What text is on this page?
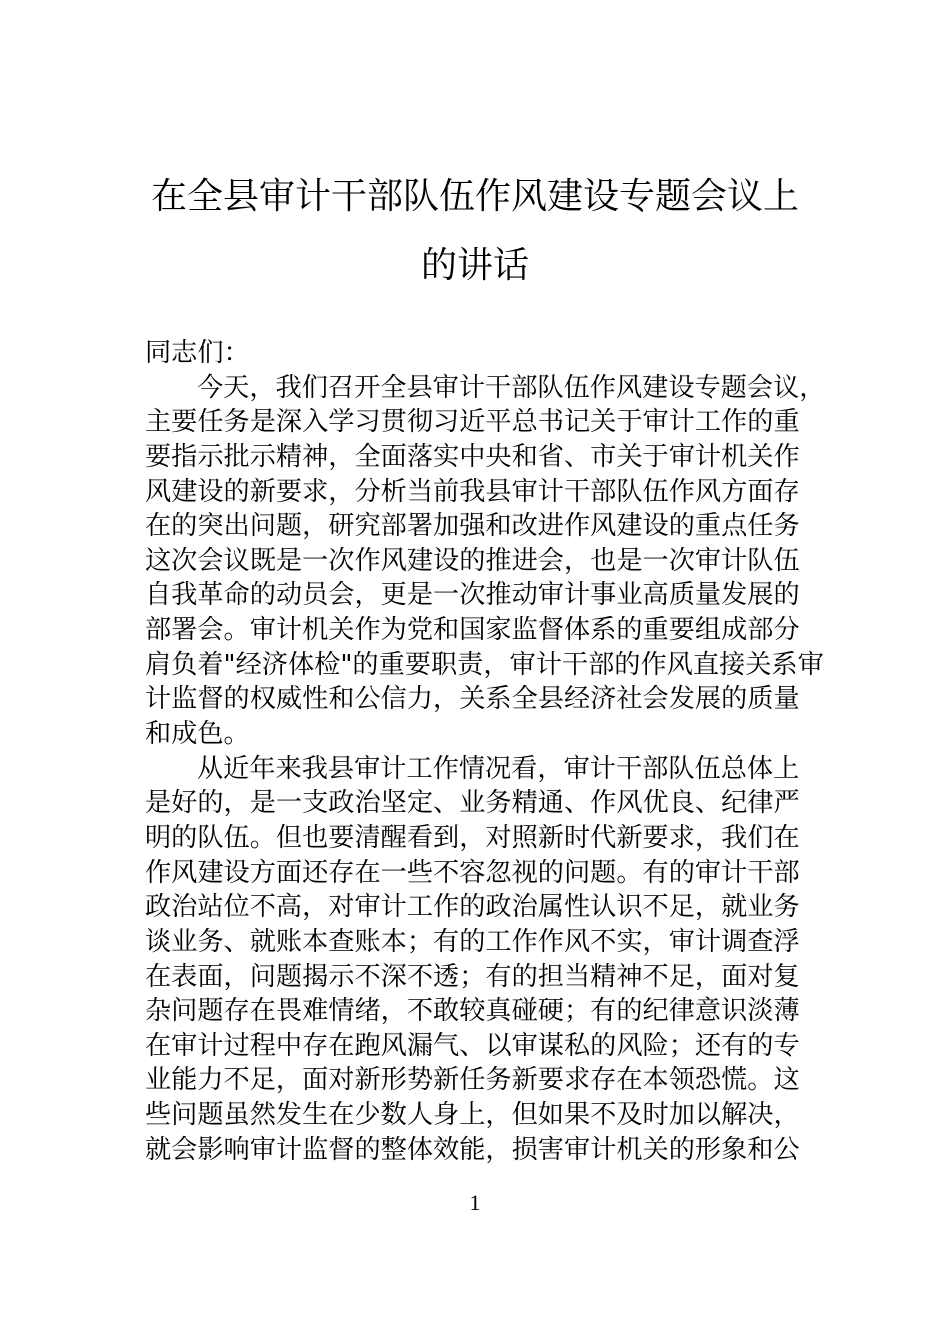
在全县审计干部队伍作风建设专题会议上
的讲话
同志们：
今天，我们召开全县审计干部队伍作风建设专题会议，
主要任务是深入学习贯彻习近平总书记关于审计工作的重
要指示批示精神，全面落实中央和省、市关于审计机关作
风建设的新要求，分析当前我县审计干部队伍作风方面存
在的突出问题，研究部署加强和改进作风建设的重点任务
这次会议既是一次作风建设的推进会，也是一次审计队伍
自我革命的动员会，更是一次推动审计事业高质量发展的
部署会。审计机关作为党和国家监督体系的重要组成部分
肩负着"经济体检"的重要职责，审计干部的作风直接关系审
计监督的权威性和公信力，关系全县经济社会发展的质量
和成色。
从近年来我县审计工作情况看，审计干部队伍总体上
是好的，是一支政治坚定、业务精通、作风优良、纪律严
明的队伍。但也要清醒看到，对照新时代新要求，我们在
作风建设方面还存在一些不容忽视的问题。有的审计干部
政治站位不高，对审计工作的政治属性认识不足，就业务
谈业务、就账本查账本；有的工作作风不实，审计调查浮
在表面，问题揭示不深不透；有的担当精神不足，面对复
杂问题存在畏难情绪，不敢较真碰硬；有的纪律意识淡薄
在审计过程中存在跑风漏气、以审谋私的风险；还有的专
业能力不足，面对新形势新任务新要求存在本领恐慌。这
些问题虽然发生在少数人身上，但如果不及时加以解决，
就会影响审计监督的整体效能，损害审计机关的形象和公
1
